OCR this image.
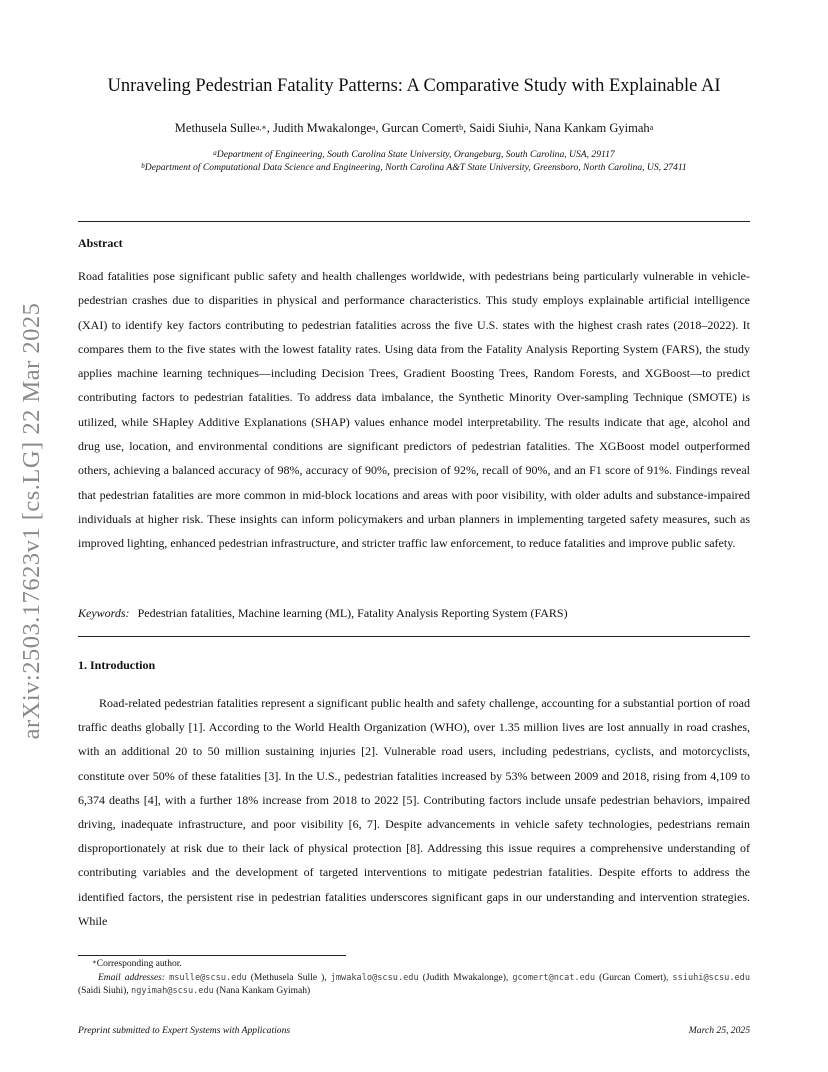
arXiv:2503.17623v1 [cs.LG] 22 Mar 2025
Unraveling Pedestrian Fatality Patterns: A Comparative Study with Explainable AI

Methusela Sulle$^{a,∗}$, Judith Mwakalonge$^a$, Gurcan Comert$^b$, Saidi Siuhi$^a$, Nana Kankam Gyimah$^a$

$^a$Department of Engineering, South Carolina State University, Orangeburg, South Carolina, USA, 29117
$^b$Department of Computational Data Science and Engineering, North Carolina A&T State University, Greensboro, North Carolina, US, 27411
Abstract

Road fatalities pose significant public safety and health challenges worldwide, with pedestrians being particularly vulnerable in vehicle-pedestrian crashes due to disparities in physical and performance characteristics. This study employs explainable artificial intelligence (XAI) to identify key factors contributing to pedestrian fatalities across the five U.S. states with the highest crash rates (2018–2022). It compares them to the five states with the lowest fatality rates. Using data from the Fatality Analysis Reporting System (FARS), the study applies machine learning techniques—including Decision Trees, Gradient Boosting Trees, Random Forests, and XGBoost—to predict contributing factors to pedestrian fatalities. To address data imbalance, the Synthetic Minority Over-sampling Technique (SMOTE) is utilized, while SHapley Additive Explanations (SHAP) values enhance model interpretability. The results indicate that age, alcohol and drug use, location, and environmental conditions are significant predictors of pedestrian fatalities. The XGBoost model outperformed others, achieving a balanced accuracy of 98%, accuracy of 90%, precision of 92%, recall of 90%, and an F1 score of 91%. Findings reveal that pedestrian fatalities are more common in mid-block locations and areas with poor visibility, with older adults and substance-impaired individuals at higher risk. These insights can inform policymakers and urban planners in implementing targeted safety measures, such as improved lighting, enhanced pedestrian infrastructure, and stricter traffic law enforcement, to reduce fatalities and improve public safety.

Keywords: Pedestrian fatalities, Machine learning (ML), Fatality Analysis Reporting System (FARS)

1. Introduction

Road-related pedestrian fatalities represent a significant public health and safety challenge, accounting for a substantial portion of road traffic deaths globally [1]. According to the World Health Organization (WHO), over 1.35 million lives are lost annually in road crashes, with an additional 20 to 50 million sustaining injuries [2]. Vulnerable road users, including pedestrians, cyclists, and motorcyclists, constitute over 50% of these fatalities [3]. In the U.S., pedestrian fatalities increased by 53% between 2009 and 2018, rising from 4,109 to 6,374 deaths [4], with a further 18% increase from 2018 to 2022 [5]. Contributing factors include unsafe pedestrian behaviors, impaired driving, inadequate infrastructure, and poor visibility [6, 7]. Despite advancements in vehicle safety technologies, pedestrians remain disproportionately at risk due to their lack of physical protection [8]. Addressing this issue requires a comprehensive understanding of contributing variables and the development of targeted interventions to mitigate pedestrian fatalities. Despite efforts to address the identified factors, the persistent rise in pedestrian fatalities underscores significant gaps in our understanding and intervention strategies. While

∗Corresponding author.
Email addresses: msulle@scsu.edu (Methusela Sulle ), jmwakalo@scsu.edu (Judith Mwakalonge), gcomert@ncat.edu (Gurcan Comert), ssiuhi@scsu.edu (Saidi Siuhi), ngyimah@scsu.edu (Nana Kankam Gyimah)

Preprint submitted to Expert Systems with Applications	March 25, 2025
